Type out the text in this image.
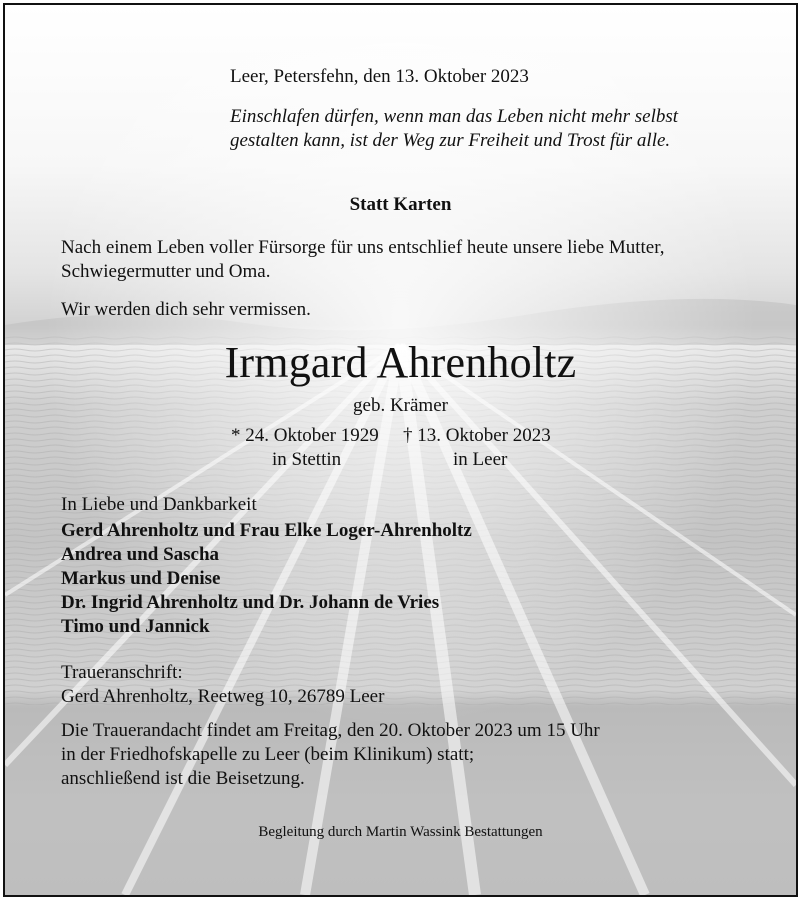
Leer, Petersfehn, den 13. Oktober 2023
Einschlafen dürfen, wenn man das Leben nicht mehr selbst
gestalten kann, ist der Weg zur Freiheit und Trost für alle.
Statt Karten
Nach einem Leben voller Fürsorge für uns entschlief heute unsere liebe Mutter,
Schwiegermutter und Oma.
Wir werden dich sehr vermissen.
Irmgard Ahrenholtz
geb. Krämer
* 24. Oktober 1929 † 13. Oktober 2023
in Stettin	in Leer
In Liebe und Dankbarkeit
Gerd Ahrenholtz und Frau Elke Loger-Ahrenholtz
Andrea und Sascha
Markus und Denise
Dr. Ingrid Ahrenholtz und Dr. Johann de Vries
Timo und Jannick
Traueranschrift:
Gerd Ahrenholtz, Reetweg 10, 26789 Leer
Die Trauerandacht findet am Freitag, den 20. Oktober 2023 um 15 Uhr
in der Friedhofskapelle zu Leer (beim Klinikum) statt;
anschließend ist die Beisetzung.
Begleitung durch Martin Wassink Bestattungen
